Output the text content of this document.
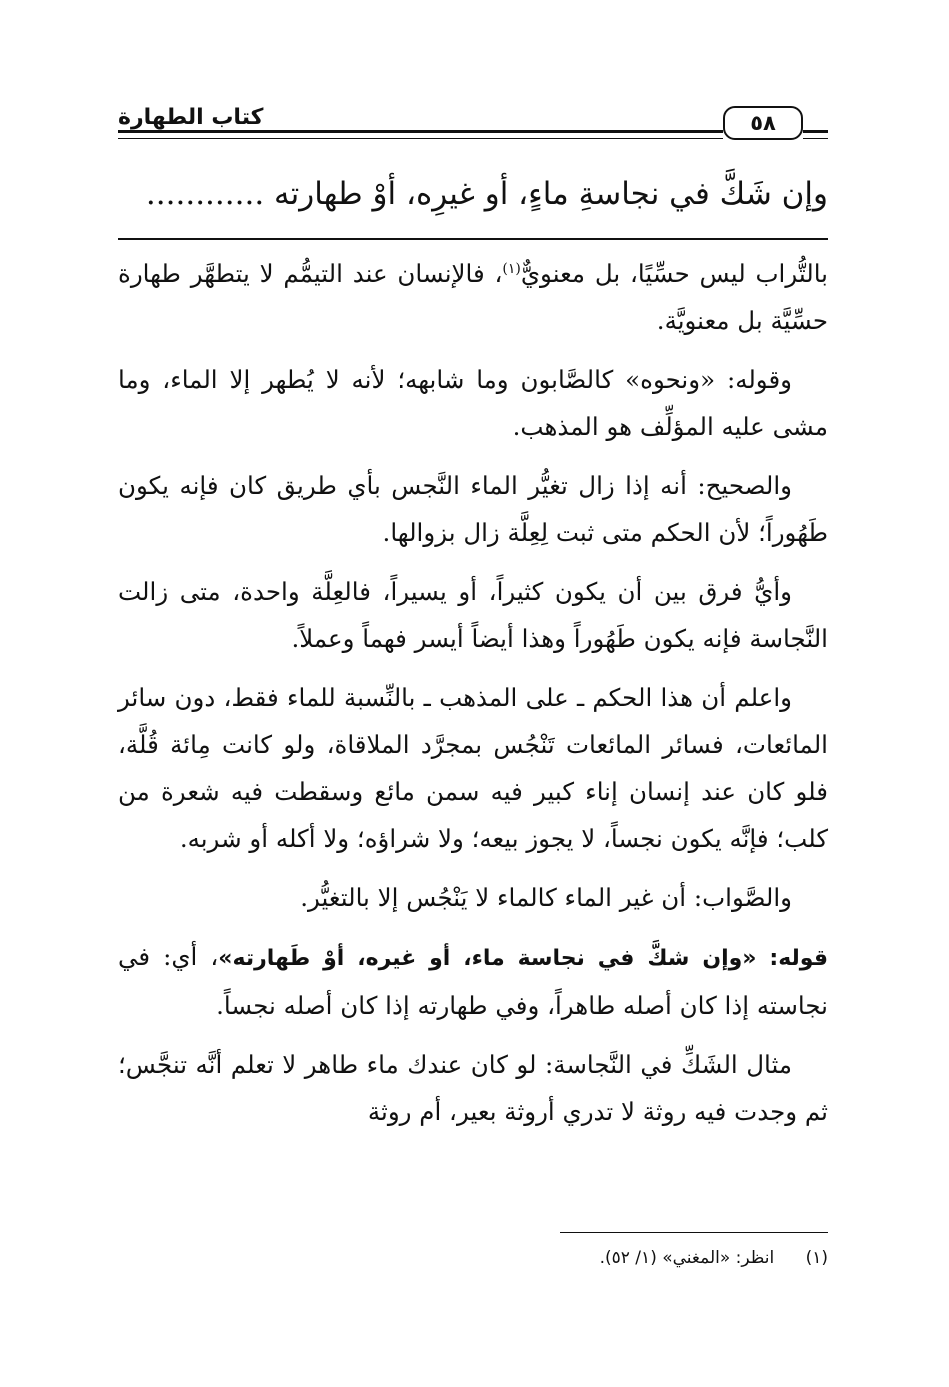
كتاب الطهارة	٥٨
وإن شَكَّ في نجاسةِ ماءٍ، أو غيرِه، أوْ طهارته ............

بالتُّراب ليس حسِّيًا، بل معنويٌّ$^{(١)}$، فالإنسان عند التيمُّم لا يتطهَّر طهارة حسِّيَّة بل معنويَّة.

وقوله: «ونحوه» كالصَّابون وما شابهه؛ لأنه لا يُطهر إلا الماء، وما مشى عليه المؤلِّف هو المذهب.

والصحيح: أنه إذا زال تغيُّر الماء النَّجس بأي طريق كان فإنه يكون طَهُوراً؛ لأن الحكم متى ثبت لِعِلَّة زال بزوالها.

وأيُّ فرق بين أن يكون كثيراً، أو يسيراً، فالعِلَّة واحدة، متى زالت النَّجاسة فإنه يكون طَهُوراً وهذا أيضاً أيسر فهماً وعملاً.

واعلم أن هذا الحكم ـ على المذهب ـ بالنِّسبة للماء فقط، دون سائر المائعات، فسائر المائعات تَنْجُس بمجرَّد الملاقاة، ولو كانت مِائة قُلَّة، فلو كان عند إنسان إناء كبير فيه سمن مائع وسقطت فيه شعرة من كلب؛ فإنَّه يكون نجساً، لا يجوز بيعه؛ ولا شراؤه؛ ولا أكله أو شربه.

والصَّواب: أن غير الماء كالماء لا يَنْجُس إلا بالتغيُّر.

قوله: «وإن شكَّ في نجاسة ماء، أو غيره، أوْ طَهارته»، أي: في نجاسته إذا كان أصله طاهراً، وفي طهارته إذا كان أصله نجساً.

مثال الشَكِّ في النَّجاسة: لو كان عندك ماء طاهر لا تعلم أنَّه تنجَّس؛ ثم وجدت فيه روثة لا تدري أروثة بعير، أم روثة

(١) انظر: «المغني» (١/ ٥٢).
